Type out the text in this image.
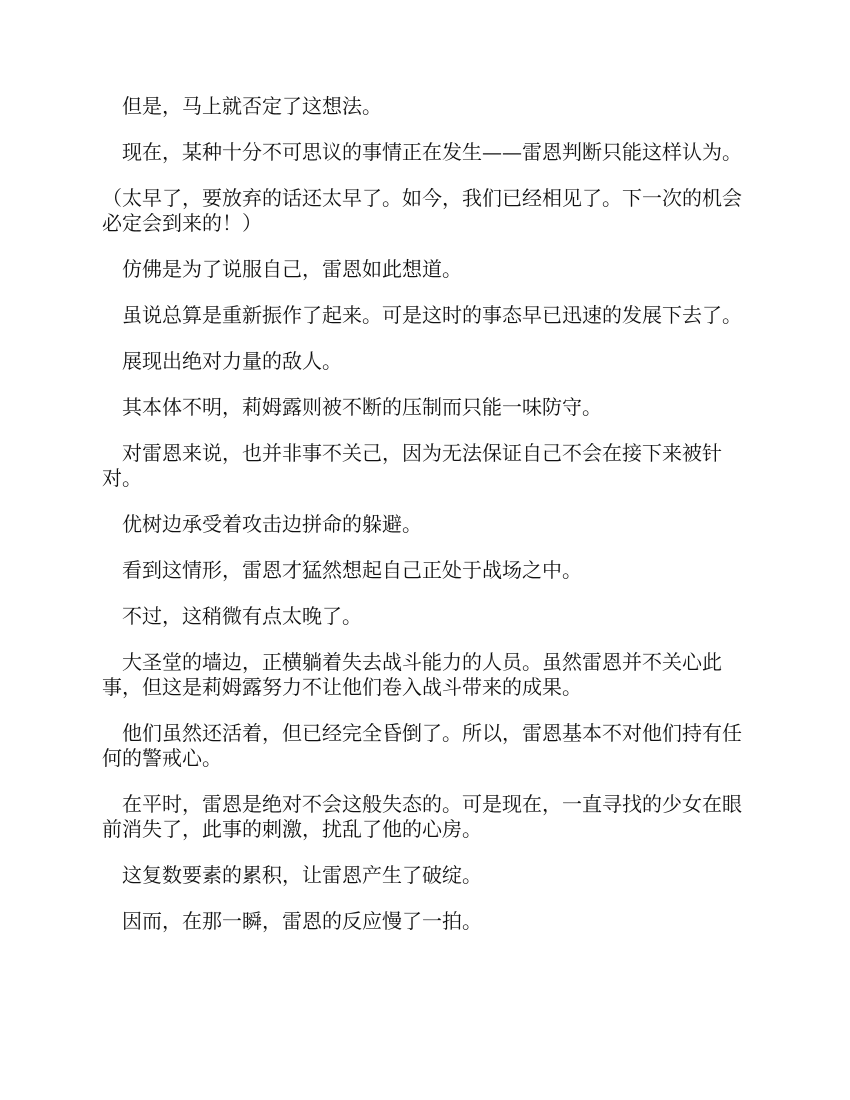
但是，马上就否定了这想法。

现在，某种十分不可思议的事情正在发生——雷恩判断只能这样认为。

（太早了，要放弃的话还太早了。如今，我们已经相见了。下一次的机会必定会到来的！）

仿佛是为了说服自己，雷恩如此想道。

虽说总算是重新振作了起来。可是这时的事态早已迅速的发展下去了。

展现出绝对力量的敌人。

其本体不明，莉姆露则被不断的压制而只能一味防守。

对雷恩来说，也并非事不关己，因为无法保证自己不会在接下来被针对。

优树边承受着攻击边拼命的躲避。

看到这情形，雷恩才猛然想起自己正处于战场之中。

不过，这稍微有点太晚了。

大圣堂的墙边，正横躺着失去战斗能力的人员。虽然雷恩并不关心此事，但这是莉姆露努力不让他们卷入战斗带来的成果。

他们虽然还活着，但已经完全昏倒了。所以，雷恩基本不对他们持有任何的警戒心。

在平时，雷恩是绝对不会这般失态的。可是现在，一直寻找的少女在眼前消失了，此事的刺激，扰乱了他的心房。

这复数要素的累积，让雷恩产生了破绽。

因而，在那一瞬，雷恩的反应慢了一拍。
